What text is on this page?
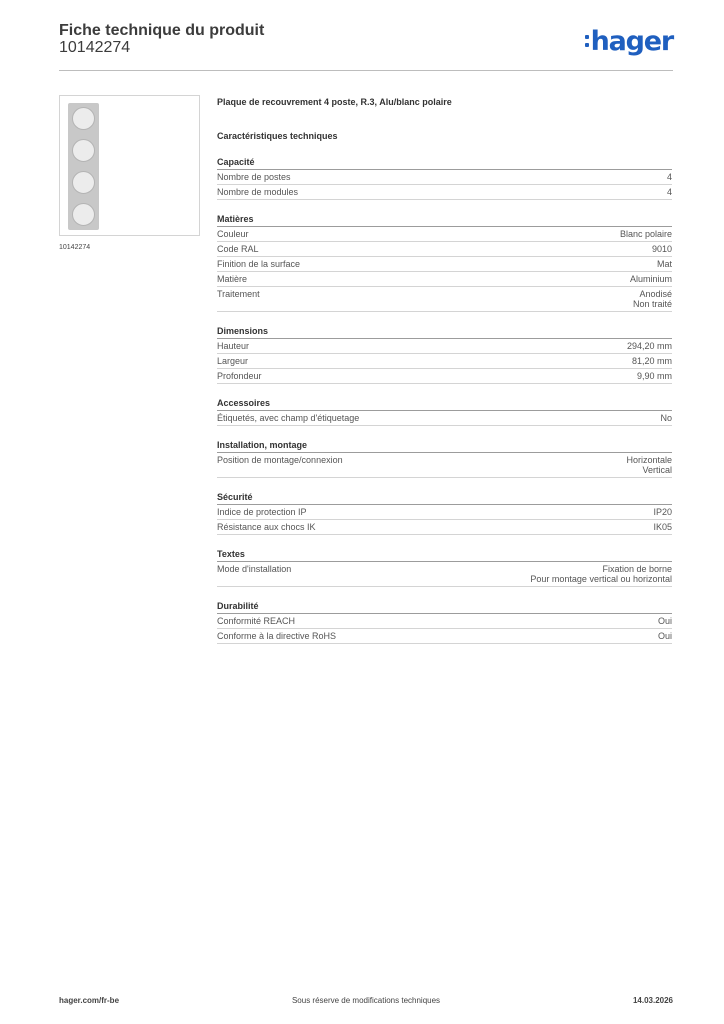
Fiche technique du produit
10142274	hager
10142274
Plaque de recouvrement 4 poste, R.3, Alu/blanc polaire
Caractéristiques techniques
Capacité
Nombre de postes	4
Nombre de modules	4
Matières
Couleur	Blanc polaire
Code RAL	9010
Finition de la surface	Mat
Matière	Aluminium
Traitement	Anodisé
Non traité
Dimensions
Hauteur	294,20 mm
Largeur	81,20 mm
Profondeur	9,90 mm
Accessoires
Étiquetés, avec champ d'étiquetage	No
Installation, montage
Position de montage/connexion	Horizontale
Vertical
Sécurité
Indice de protection IP	IP20
Résistance aux chocs IK	IK05
Textes
Mode d'installation	Fixation de borne
Pour montage vertical ou horizontal
Durabilité
Conformité REACH	Oui
Conforme à la directive RoHS	Oui
hager.com/fr-be	Sous réserve de modifications techniques	14.03.2026
